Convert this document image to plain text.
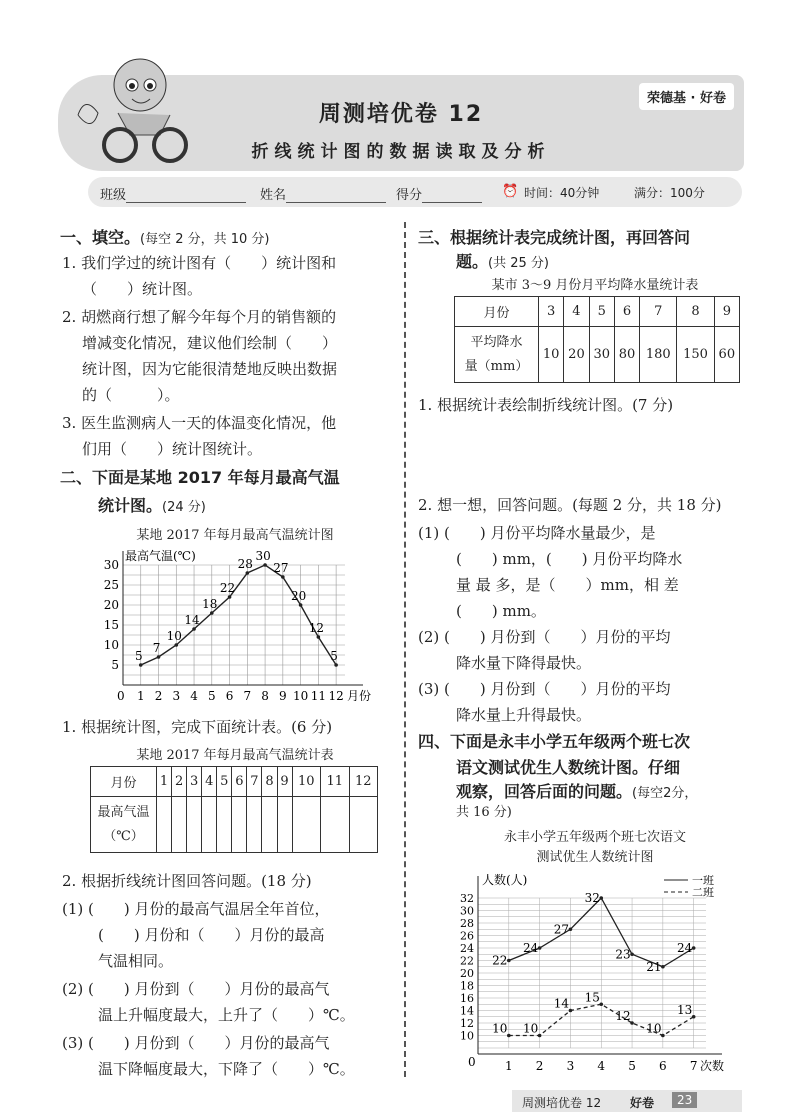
周测培优卷 12
折线统计图的数据读取及分析
荣德基 · 好卷
班级	姓名	得分	⏰ 时间：40分钟	满分：100分
一、填空。(每空 2 分，共 10 分)
1. 我们学过的统计图有（　　）统计图和
（　　）统计图。
2. 胡燃商行想了解今年每个月的销售额的
增减变化情况，建议他们绘制（　　）
统计图，因为它能很清楚地反映出数据
的（　　　）。
3. 医生监测病人一天的体温变化情况，他
们用（　　）统计图统计。
二、下面是某地 2017 年每月最高气温
统计图。(24 分)
某地 2017 年每月最高气温统计图
最高气温(℃)
月份
0
5
10
15
20
25
30
1 2 3 4 5 6 7 8 9 10 11 12
5
7
10
14
18
22
28
30
27
20
12
5
1. 根据统计图，完成下面统计表。(6 分)
某地 2017 年每月最高气温统计表
月份	1	2	3	4	5	6	7	8	9	10	11	12

最高气温
（℃）												

2. 根据折线统计图回答问题。(18 分)
(1) (　　) 月份的最高气温居全年首位，
(　　) 月份和（　　）月份的最高
气温相同。
(2) (　　) 月份到（　　）月份的最高气
温上升幅度最大，上升了（　　）℃。
(3) (　　) 月份到（　　）月份的最高气
温下降幅度最大，下降了（　　）℃。
三、根据统计表完成统计图，再回答问
题。(共 25 分)
某市 3～9 月份月平均降水量统计表
月份	3	4	5	6	7	8	9

平均降水
量（mm）	10	20	30	80	180	150	60
1. 根据统计表绘制折线统计图。(7 分)
2. 想一想，回答问题。(每题 2 分，共 18 分)
(1) (　　) 月份平均降水量最少，是
(　　) mm，(　　) 月份平均降水
量 最 多，是（　　）mm，相 差
(　　) mm。
(2) (　　) 月份到（　　）月份的平均
降水量下降得最快。
(3) (　　) 月份到（　　）月份的平均
降水量上升得最快。
四、下面是永丰小学五年级两个班七次
语文测试优生人数统计图。仔细
观察，回答后面的问题。(每空2分，
共 16 分)
永丰小学五年级两个班七次语文
测试优生人数统计图
人数(人)
次数
0
10
12
14
16
18
20
22
24
26
28
30
32
1 2 3 4 5 6 7
22
24
27
32
23
21
24
一班
10 10
14 15
12
10
13
二班
周测培优卷 12 好卷	23
